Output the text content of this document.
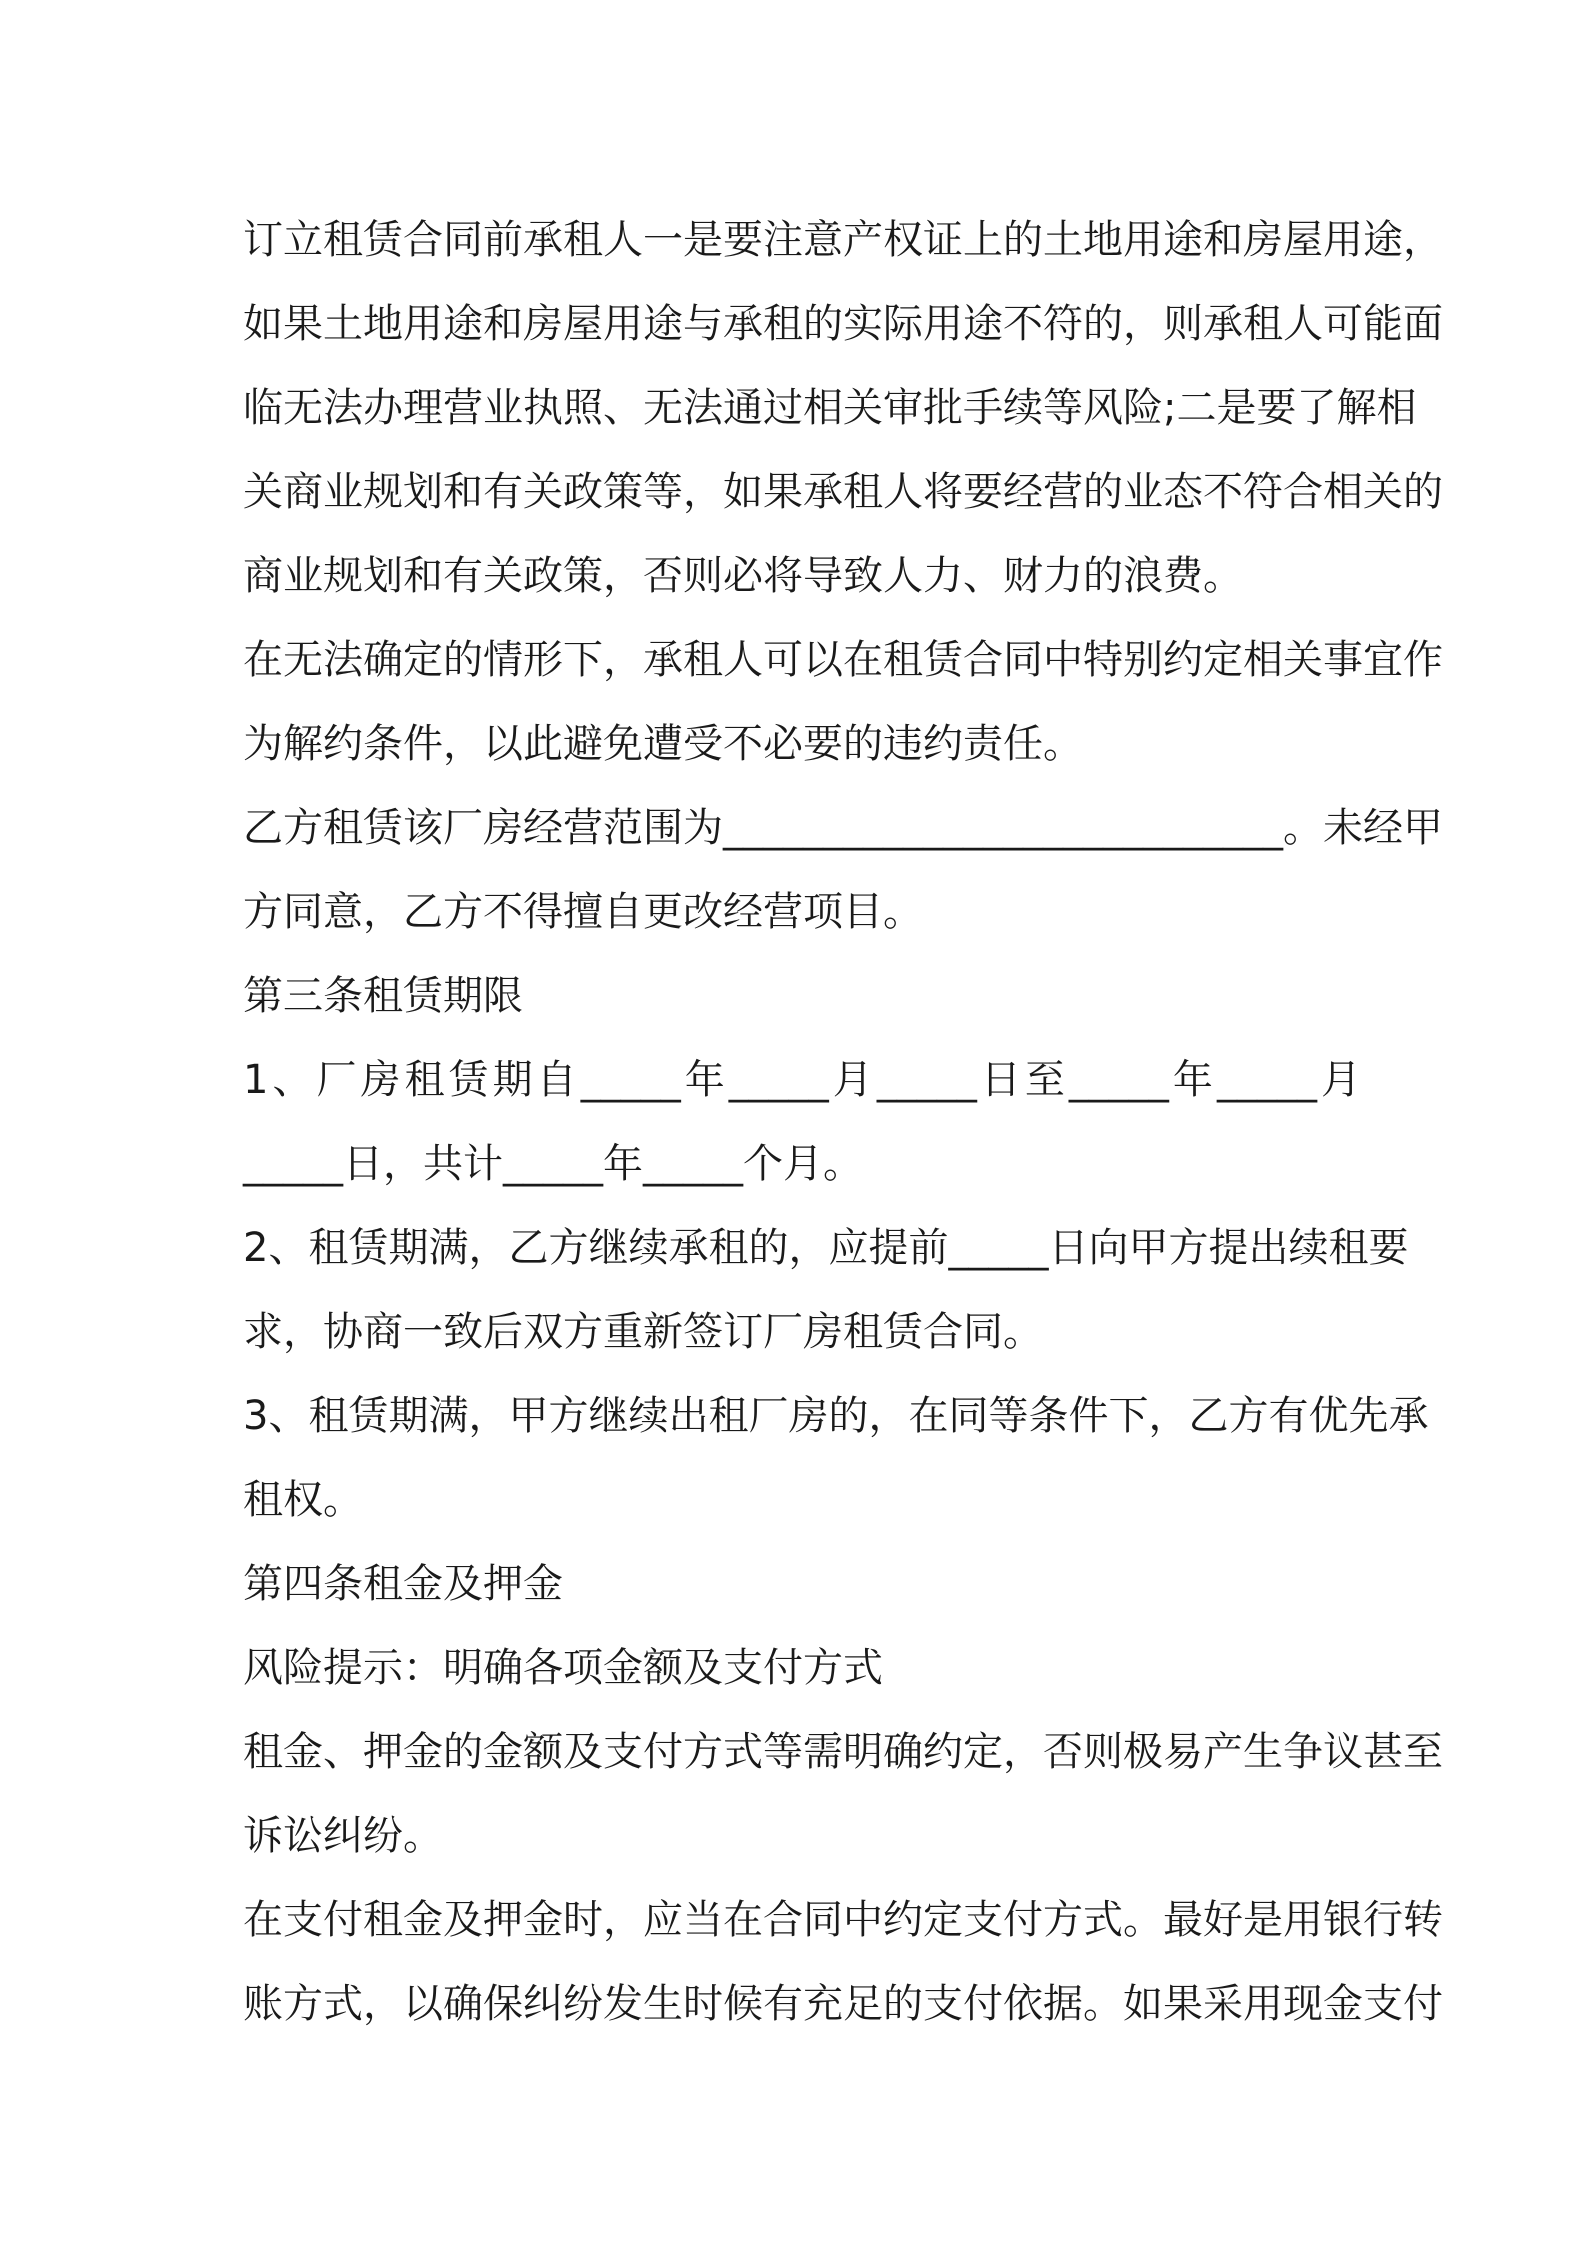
订立租赁合同前承租人一是要注意产权证上的土地用途和房屋用途，
如果土地用途和房屋用途与承租的实际用途不符的，则承租人可能面
临无法办理营业执照、无法通过相关审批手续等风险;二是要了解相
关商业规划和有关政策等，如果承租人将要经营的业态不符合相关的
商业规划和有关政策，否则必将导致人力、财力的浪费。
在无法确定的情形下，承租人可以在租赁合同中特别约定相关事宜作
为解约条件，以此避免遭受不必要的违约责任。
乙方租赁该厂房经营范围为____________________________。未经甲
方同意，乙方不得擅自更改经营项目。
第三条租赁期限
1、厂房租赁期自_____年_____月_____日至_____年_____月
_____日，共计_____年_____个月。
2、租赁期满，乙方继续承租的，应提前_____日向甲方提出续租要
求，协商一致后双方重新签订厂房租赁合同。
3、租赁期满，甲方继续出租厂房的，在同等条件下，乙方有优先承
租权。
第四条租金及押金
风险提示：明确各项金额及支付方式
租金、押金的金额及支付方式等需明确约定，否则极易产生争议甚至
诉讼纠纷。
在支付租金及押金时，应当在合同中约定支付方式。最好是用银行转
账方式，以确保纠纷发生时候有充足的支付依据。如果采用现金支付
